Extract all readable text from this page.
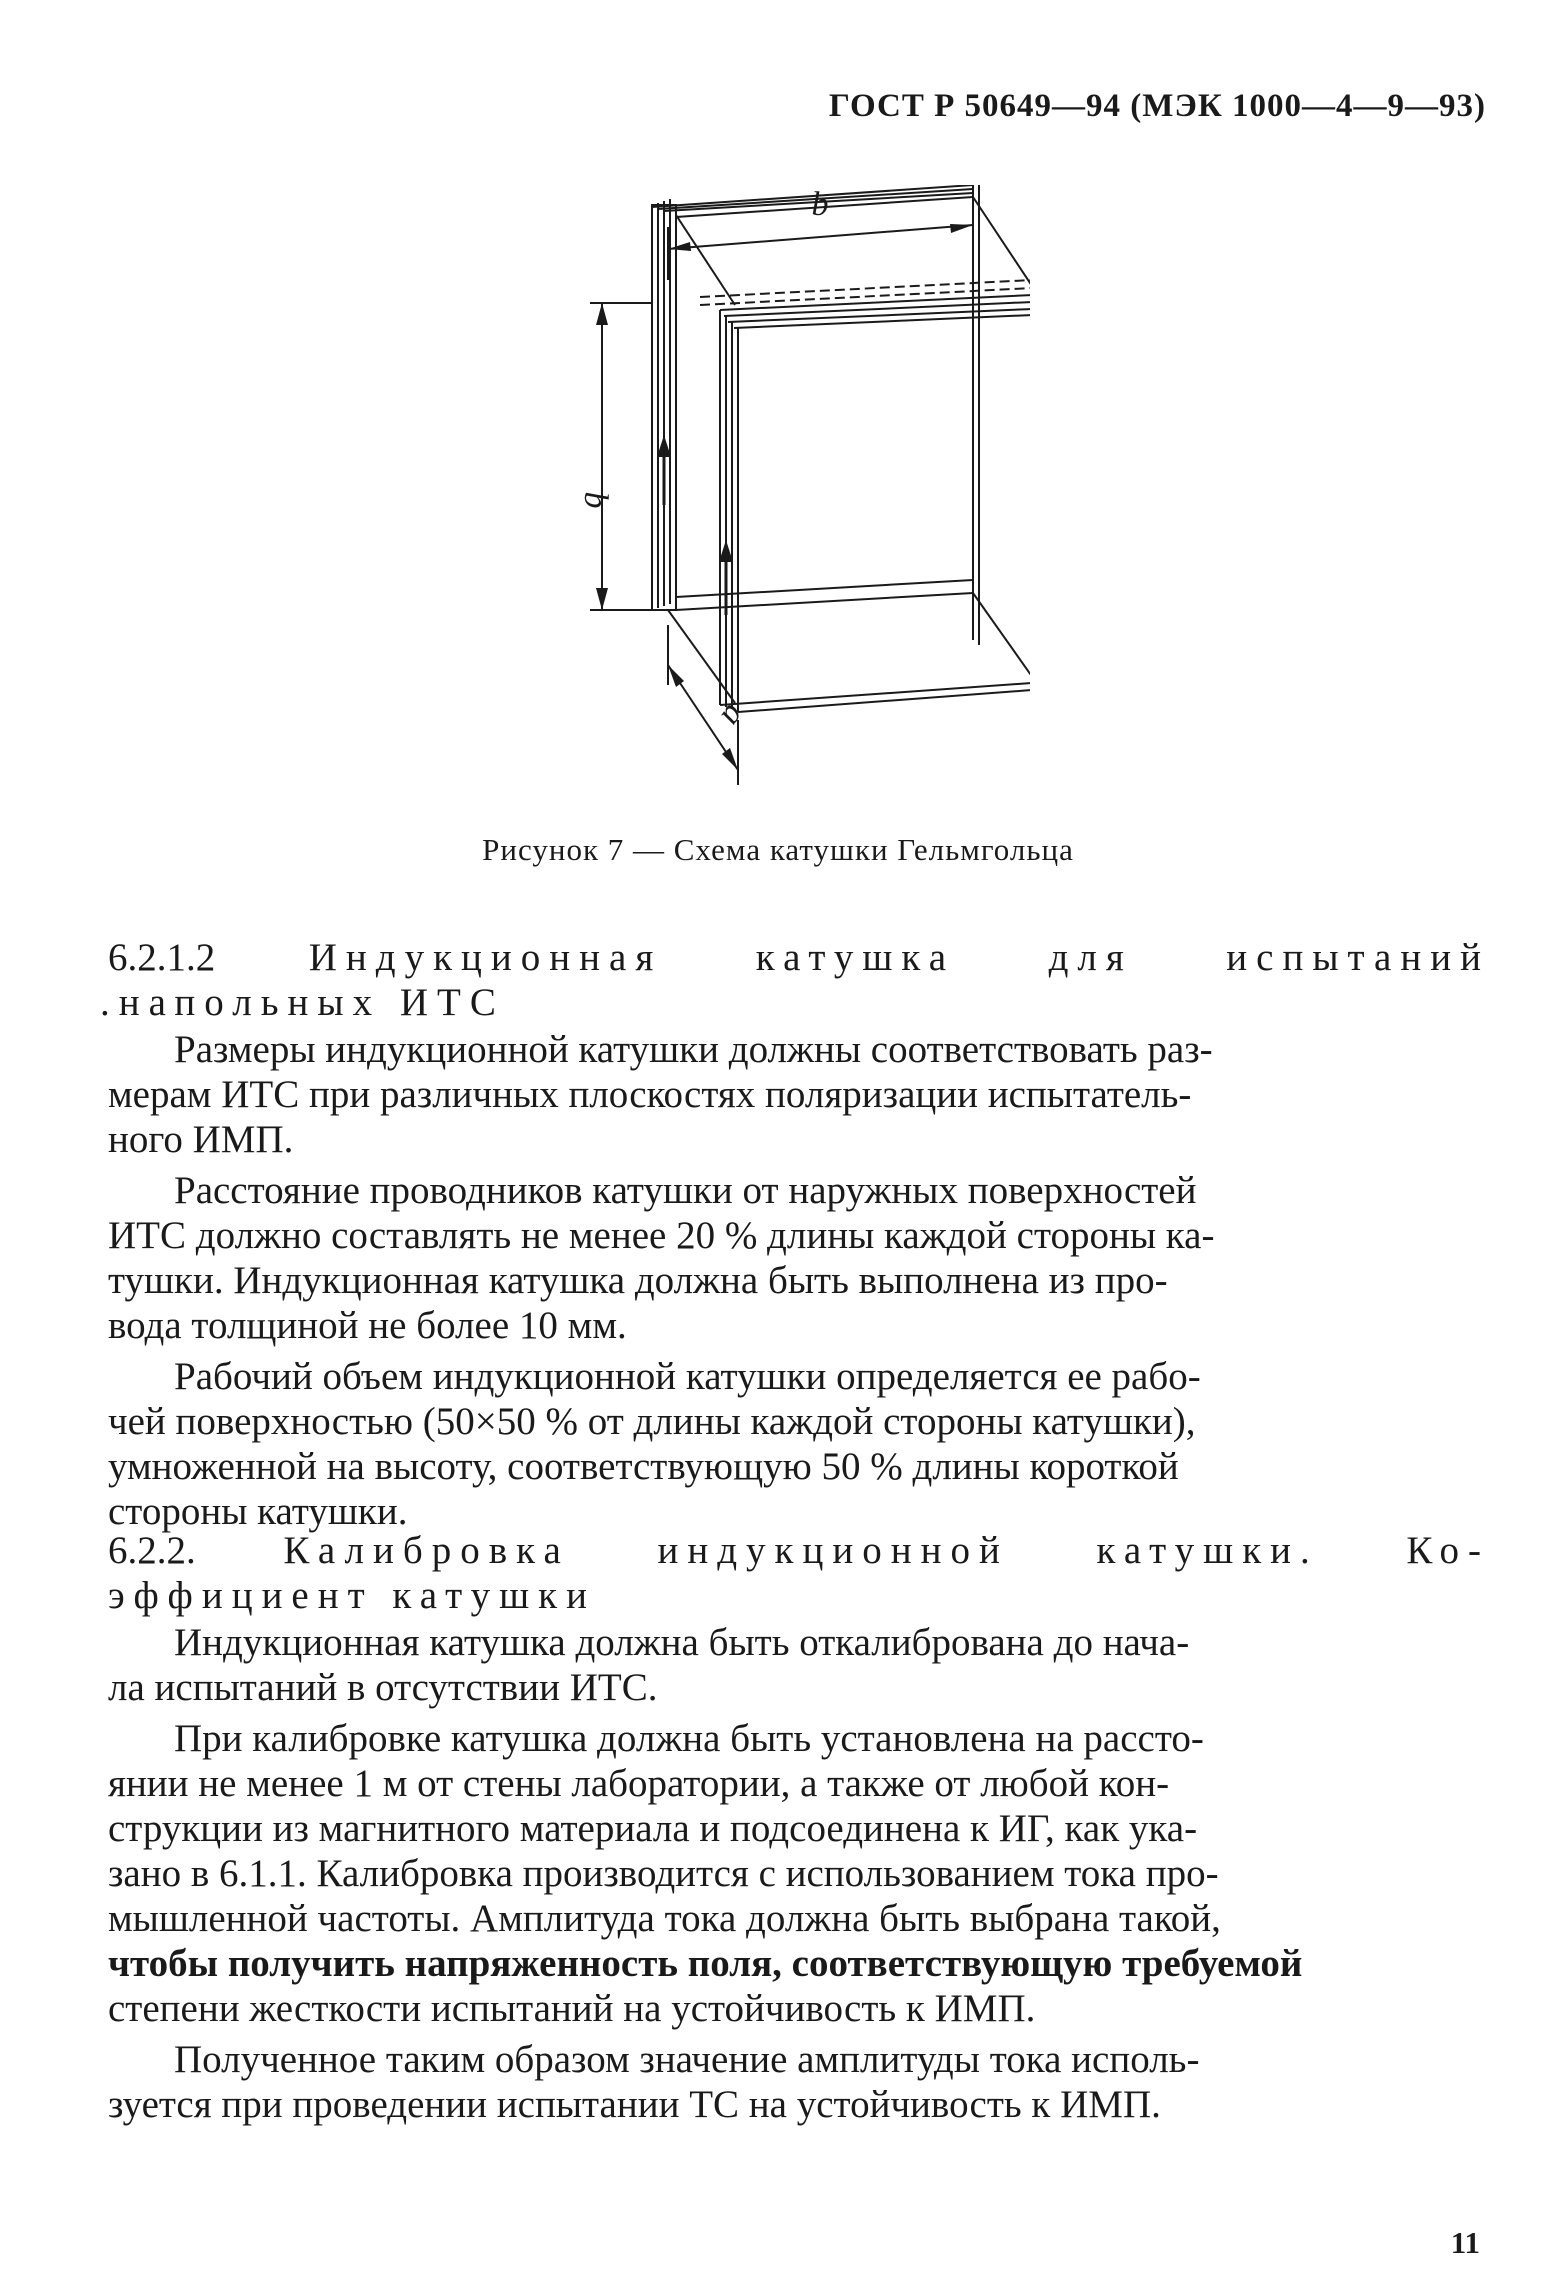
ГОСТ Р 50649—94 (МЭК 1000—4—9—93)
b
b
a
Рисунок 7 — Схема катушки Гельмгольца
6.2.1.2 Индукционная катушка для испытаний
.напольных ИТС
Размеры индукционной катушки должны соответствовать раз-
мерам ИТС при различных плоскостях поляризации испытатель-
ного ИМП.
Расстояние проводников катушки от наружных поверхностей
ИТС должно составлять не менее 20 % длины каждой стороны ка-
тушки. Индукционная катушка должна быть выполнена из про-
вода толщиной не более 10 мм.
Рабочий объем индукционной катушки определяется ее рабо-
чей поверхностью (50×50 % от длины каждой стороны катушки),
умноженной на высоту, соответствующую 50 % длины короткой
стороны катушки.
6.2.2. Калибровка индукционной катушки. Ко-
эффициент катушки
Индукционная катушка должна быть откалибрована до нача-
ла испытаний в отсутствии ИТС.
При калибровке катушка должна быть установлена на рассто-
янии не менее 1 м от стены лаборатории, а также от любой кон-
струкции из магнитного материала и подсоединена к ИГ, как ука-
зано в 6.1.1. Калибровка производится с использованием тока про-
мышленной частоты. Амплитуда тока должна быть выбрана такой,
чтобы получить напряженность поля, соответствующую требуемой
степени жесткости испытаний на устойчивость к ИМП.
Полученное таким образом значение амплитуды тока исполь-
зуется при проведении испытании ТС на устойчивость к ИМП.
11
